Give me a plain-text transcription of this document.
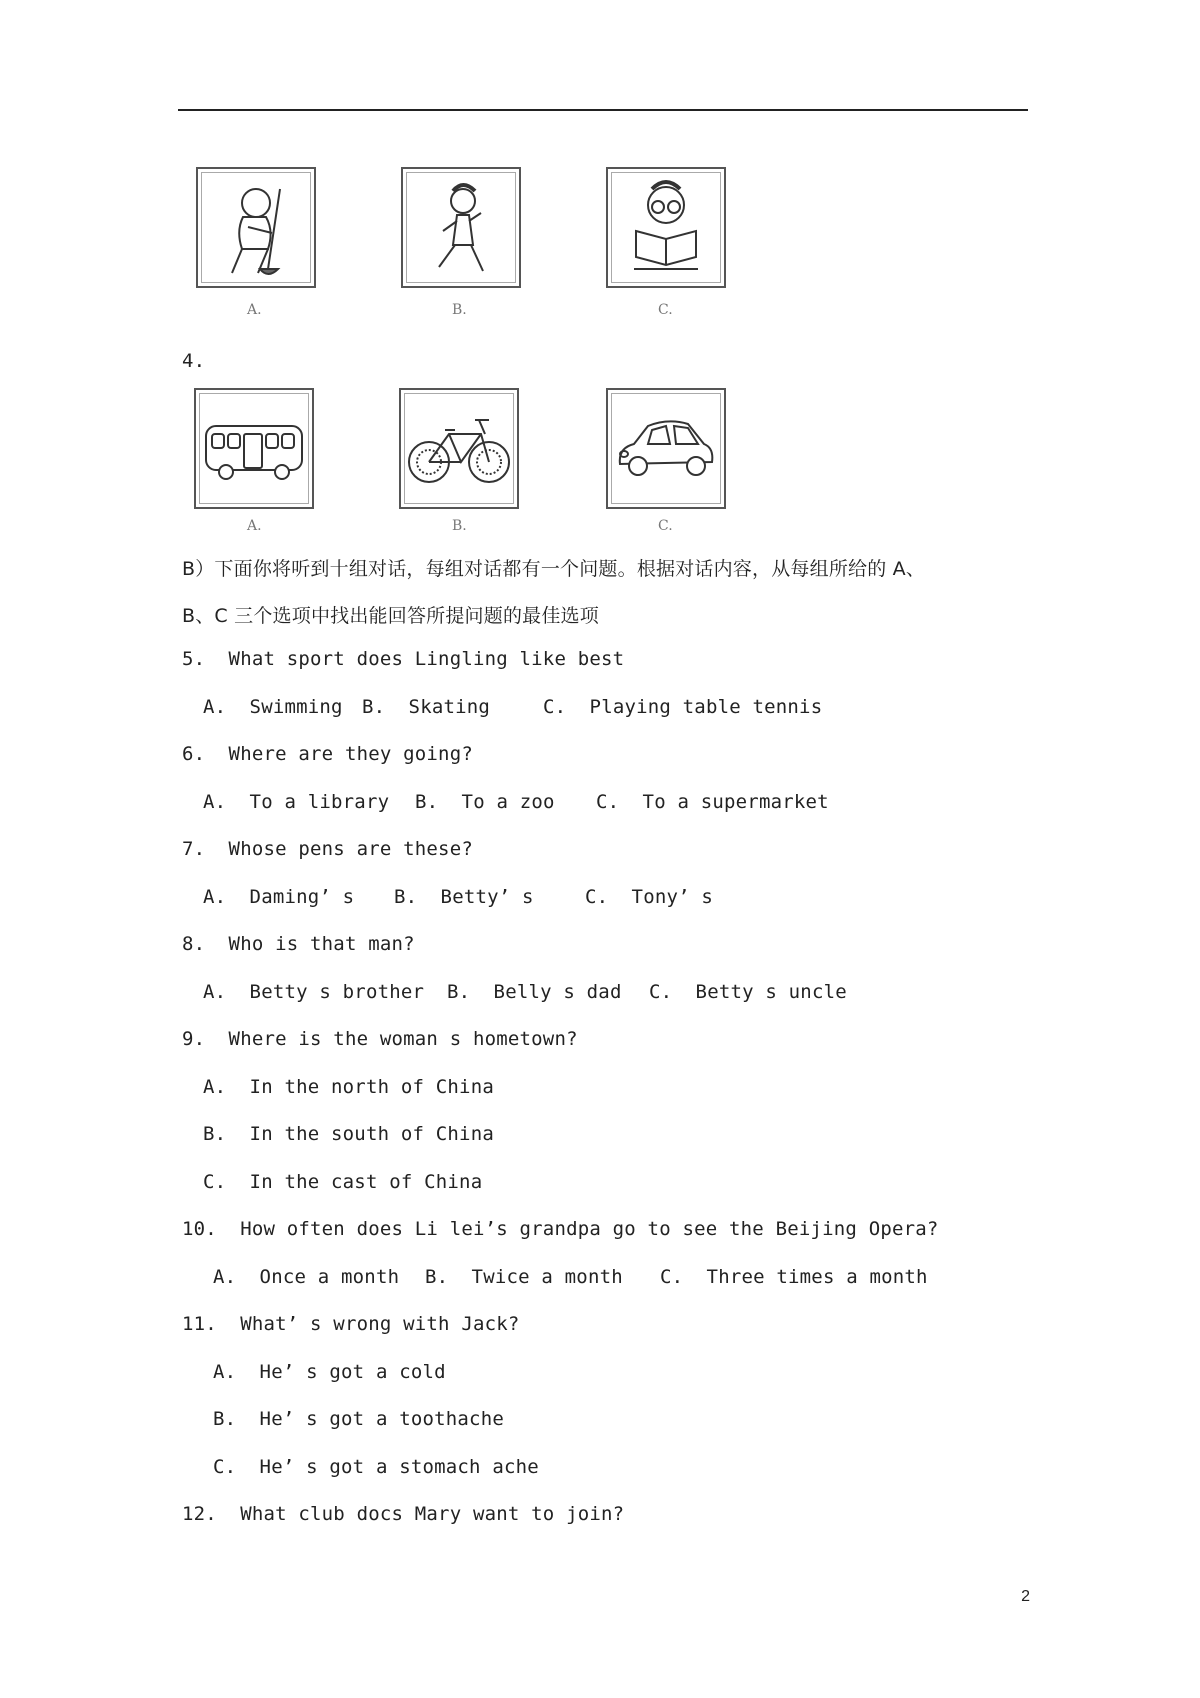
A.	B.	C.
4.
A.	B.	C.
B）下面你将听到十组对话，每组对话都有一个问题。根据对话内容，从每组所给的 A、
B、C 三个选项中找出能回答所提问题的最佳选项
5.  What sport does Lingling like best
A.  Swimming B.  Skating	C.  Playing table tennis
6.  Where are they going?
A.  To a library B.  To a zoo C.  To a supermarket
7.  Whose pens are these?
A.  Daming’ s B.  Betty’ s	C.  Tony’ s
8.  Who is that man?
A.  Betty s brother B.  Belly s dad C.  Betty s uncle
9.  Where is the woman s hometown?
A.  In the north of China
B.  In the south of China
C.  In the cast of China
10.  How often does Li lei’s grandpa go to see the Beijing Opera?
A.  Once a month B.  Twice a month C.  Three times a month
11.  What’ s wrong with Jack?
A.  He’ s got a cold
B.  He’ s got a toothache
C.  He’ s got a stomach ache
12.  What club docs Mary want to join?
2
